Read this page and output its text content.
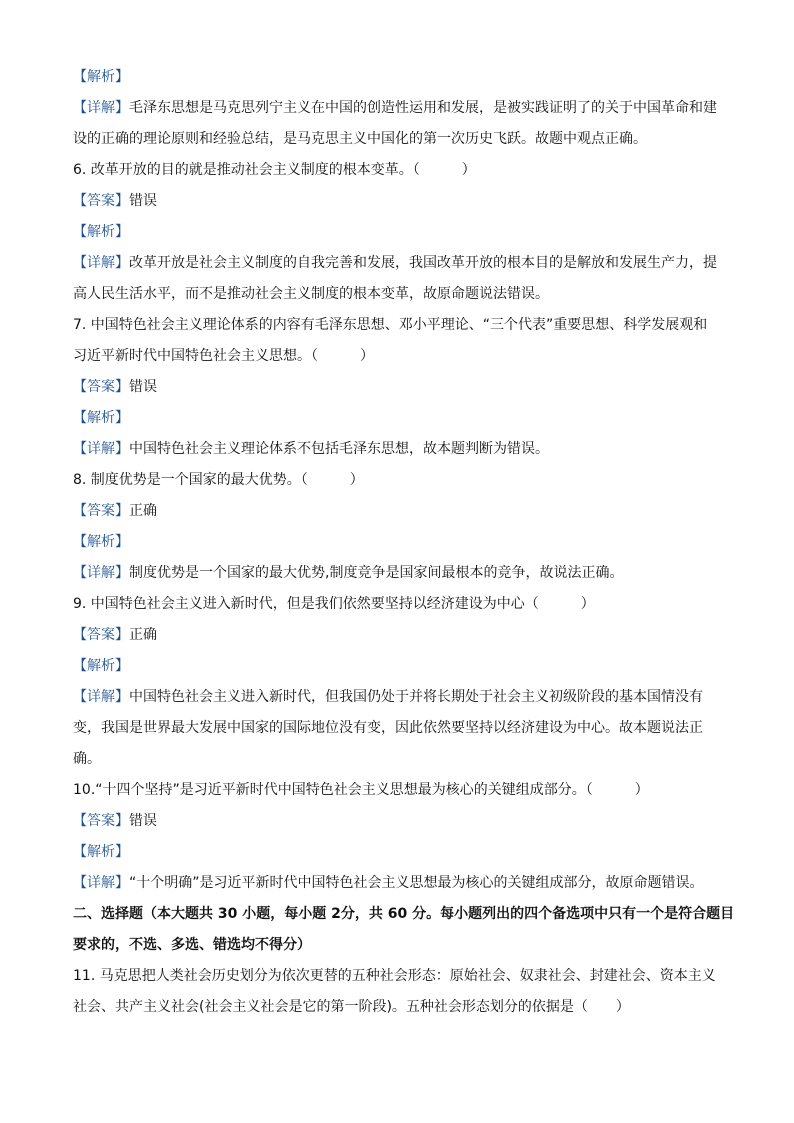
【解析】
【详解】毛泽东思想是马克思列宁主义在中国的创造性运用和发展，是被实践证明了的关于中国革命和建
设的正确的理论原则和经验总结，是马克思主义中国化的第一次历史飞跃。故题中观点正确。
6. 改革开放的目的就是推动社会主义制度的根本变革。（　　　）
【答案】错误
【解析】
【详解】改革开放是社会主义制度的自我完善和发展，我国改革开放的根本目的是解放和发展生产力，提
高人民生活水平，而不是推动社会主义制度的根本变革，故原命题说法错误。
7. 中国特色社会主义理论体系的内容有毛泽东思想、邓小平理论、“三个代表”重要思想、科学发展观和
习近平新时代中国特色社会主义思想。（　　　）
【答案】错误
【解析】
【详解】中国特色社会主义理论体系不包括毛泽东思想，故本题判断为错误。
8. 制度优势是一个国家的最大优势。（　　　）
【答案】正确
【解析】
【详解】制度优势是一个国家的最大优势,制度竞争是国家间最根本的竞争，故说法正确。
9. 中国特色社会主义进入新时代，但是我们依然要坚持以经济建设为中心（　　　）
【答案】正确
【解析】
【详解】中国特色社会主义进入新时代，但我国仍处于并将长期处于社会主义初级阶段的基本国情没有
变，我国是世界最大发展中国家的国际地位没有变，因此依然要坚持以经济建设为中心。故本题说法正
确。
10.“十四个坚持”是习近平新时代中国特色社会主义思想最为核心的关键组成部分。（　　　）
【答案】错误
【解析】
【详解】“十个明确”是习近平新时代中国特色社会主义思想最为核心的关键组成部分，故原命题错误。
二、选择题（本大题共 30 小题，每小题 2分，共 60 分。每小题列出的四个备选项中只有一个是符合题目
要求的，不选、多选、错选均不得分）
11. 马克思把人类社会历史划分为依次更替的五种社会形态：原始社会、奴隶社会、封建社会、资本主义
社会、共产主义社会(社会主义社会是它的第一阶段)。五种社会形态划分的依据是（　　）
